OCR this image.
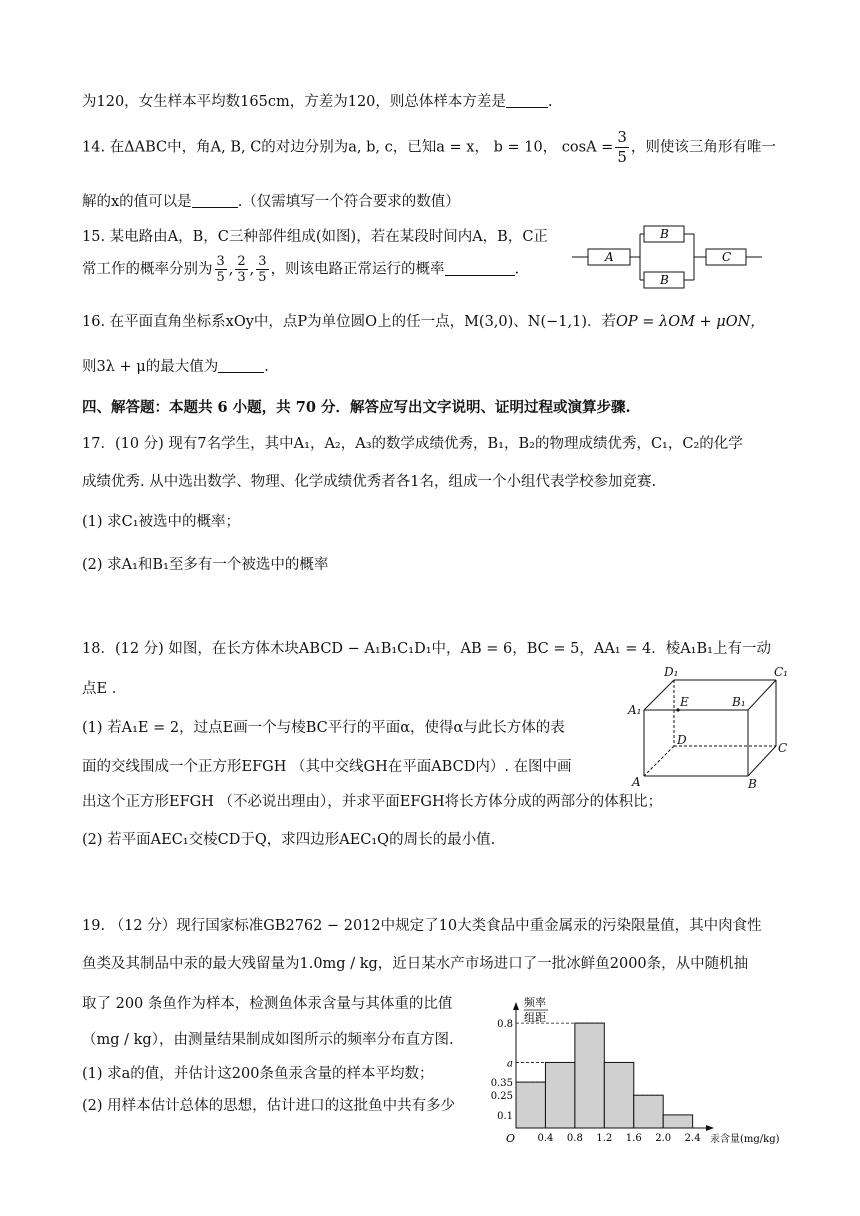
为120，女生样本平均数165cm，方差为120，则总体样本方差是	.
14. 在ΔABC中，角A, B, C的对边分别为a, b, c，已知a = x， b = 10， $\cos A = \frac{3}{5}$ ，则使该三角形有唯一
解的x的值可以是	.（仅需填写一个符合要求的数值）
15. 某电路由A，B，C三种部件组成(如图)，若在某段时间内A，B，C正
常工作的概率分别为 $\frac{3}{5}$ , $\frac{2}{3}$ , $\frac{3}{5}$ ，则该电路正常运行的概率	.
A
B
B
C
16. 在平面直角坐标系xOy中，点P为单位圆O上的任一点，M(3,0)、N(−1,1)．若OP = λOM + μON，
则3λ + μ的最大值为	.
四、解答题：本题共 6 小题，共 70 分．解答应写出文字说明、证明过程或演算步骤.
17．(10 分) 现有7名学生，其中A₁，A₂，A₃的数学成绩优秀，B₁，B₂的物理成绩优秀，C₁，C₂的化学
成绩优秀. 从中选出数学、物理、化学成绩优秀者各1名，组成一个小组代表学校参加竞赛.
(1) 求C₁被选中的概率；
(2) 求A₁和B₁至多有一个被选中的概率
18．(12 分) 如图，在长方体木块ABCD − A₁B₁C₁D₁中，AB = 6，BC = 5，AA₁ = 4．棱A₁B₁上有一动
点E .
(1) 若A₁E = 2，过点E画一个与棱BC平行的平面α，使得α与此长方体的表
面的交线围成一个正方形EFGH （其中交线GH在平面ABCD内）. 在图中画
出这个正方形EFGH （不必说出理由），并求平面EFGH将长方体分成的两部分的体积比；
(2) 若平面AEC₁交棱CD于Q，求四边形AEC₁Q的周长的最小值.
D₁	C₁
A₁
E	B₁
D
C
A	B
19. （12 分）现行国家标准GB2762 − 2012中规定了10大类食品中重金属汞的污染限量值，其中肉食性
鱼类及其制品中汞的最大残留量为1.0mg / kg，近日某水产市场进口了一批冰鲜鱼2000条，从中随机抽
取了 200 条鱼作为样本，检测鱼体汞含量与其体重的比值
（mg / kg），由测量结果制成如图所示的频率分布直方图.
(1) 求a的值，并估计这200条鱼汞含量的样本平均数；
(2) 用样本估计总体的思想，估计进口的这批鱼中共有多少
频率
组距
O	汞含量(mg/kg)
0.35
a
0.8
0.25
0.1
0.4 0.8 1.2 1.6 2.0 2.4
